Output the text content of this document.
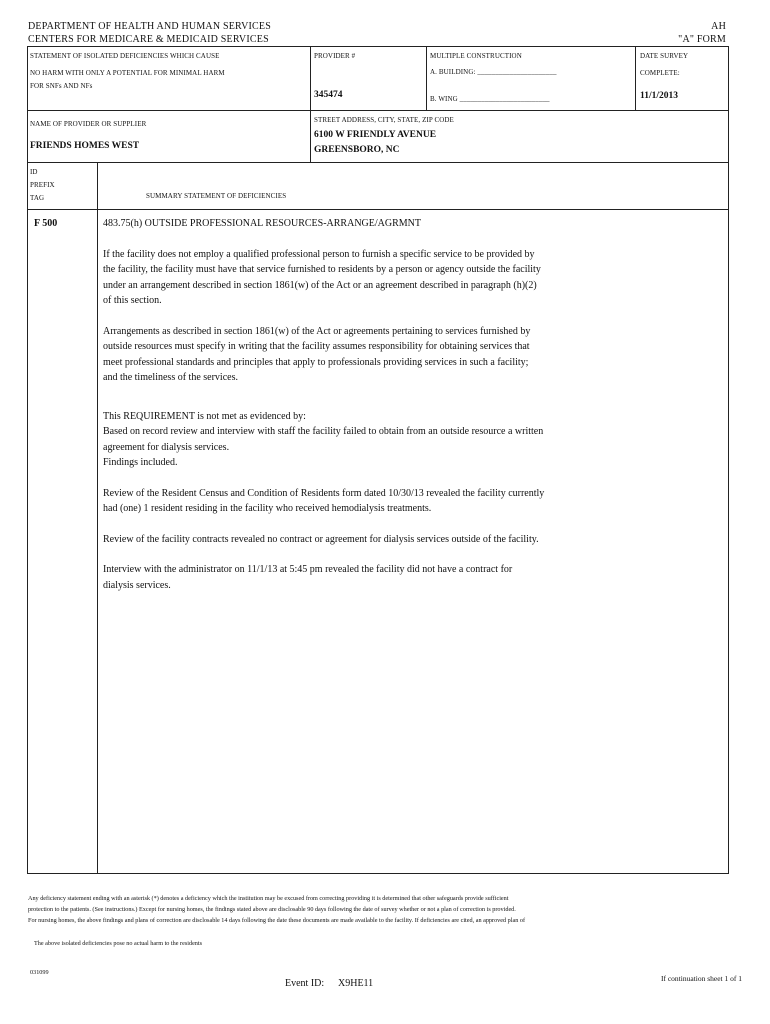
DEPARTMENT OF HEALTH AND HUMAN SERVICES
CENTERS FOR MEDICARE & MEDICAID SERVICES
AH
"A" FORM
STATEMENT OF ISOLATED DEFICIENCIES WHICH CAUSE
NO HARM WITH ONLY A POTENTIAL FOR MINIMAL HARM
FOR SNFs AND NFs
PROVIDER #
345474
MULTIPLE CONSTRUCTION
A. BUILDING: ______________________
B. WING _________________________
DATE SURVEY
COMPLETE:
11/1/2013
NAME OF PROVIDER OR SUPPLIER
FRIENDS HOMES WEST
STREET ADDRESS, CITY, STATE, ZIP CODE
6100 W FRIENDLY AVENUE
GREENSBORO, NC
ID
PREFIX
TAG	SUMMARY STATEMENT OF DEFICIENCIES
F 500	483.75(h) OUTSIDE PROFESSIONAL RESOURCES-ARRANGE/AGRMNT
If the facility does not employ a qualified professional person to furnish a specific service to be provided by
the facility, the facility must have that service furnished to residents by a person or agency outside the facility
under an arrangement described in section 1861(w) of the Act or an agreement described in paragraph (h)(2)
of this section.
Arrangements as described in section 1861(w) of the Act or agreements pertaining to services furnished by
outside resources must specify in writing that the facility assumes responsibility for obtaining services that
meet professional standards and principles that apply to professionals providing services in such a facility;
and the timeliness of the services.
This REQUIREMENT is not met as evidenced by:
Based on record review and interview with staff the facility failed to obtain from an outside resource a written
agreement for dialysis services.
Findings included.
Review of the Resident Census and Condition of Residents form dated 10/30/13 revealed the facility currently
had (one) 1 resident residing in the facility who received hemodialysis treatments.
Review of the facility contracts revealed no contract or agreement for dialysis services outside of the facility.
Interview with the administrator on 11/1/13 at 5:45 pm revealed the facility did not have a contract for
dialysis services.
Any deficiency statement ending with an asterisk (*) denotes a deficiency which the institution may be excused from correcting providing it is determined that other safeguards provide sufficient
protection to the patients. (See instructions.) Except for nursing homes, the findings stated above are disclosable 90 days following the date of survey whether or not a plan of correction is provided.
For nursing homes, the above findings and plans of correction are disclosable 14 days following the date these documents are made available to the facility. If deficiencies are cited, an approved plan of
The above isolated deficiencies pose no actual harm to the residents
031099
Event ID: X9HE11	If continuation sheet 1 of 1
